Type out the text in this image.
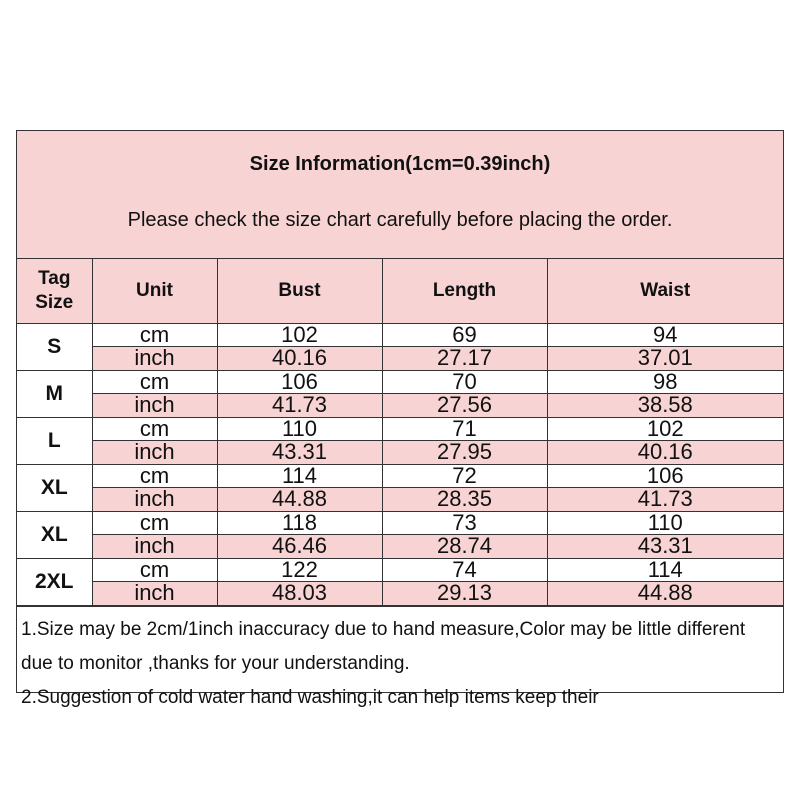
Size Information(1cm=0.39inch)
Please check the size chart carefully before placing the order.
Tag Size	Unit	Bust	Length	Waist
S	cm	102	69	94
	inch	40.16	27.17	37.01
M	cm	106	70	98
	inch	41.73	27.56	38.58
L	cm	110	71	102
	inch	43.31	27.95	40.16
XL	cm	114	72	106
	inch	44.88	28.35	41.73
XL	cm	118	73	110
	inch	46.46	28.74	43.31
2XL	cm	122	74	114
	inch	48.03	29.13	44.88

1.Size may be 2cm/1inch inaccuracy due to hand measure,Color may be little different due to monitor ,thanks for your understanding.

2.Suggestion of cold water hand washing,it can help items keep their
